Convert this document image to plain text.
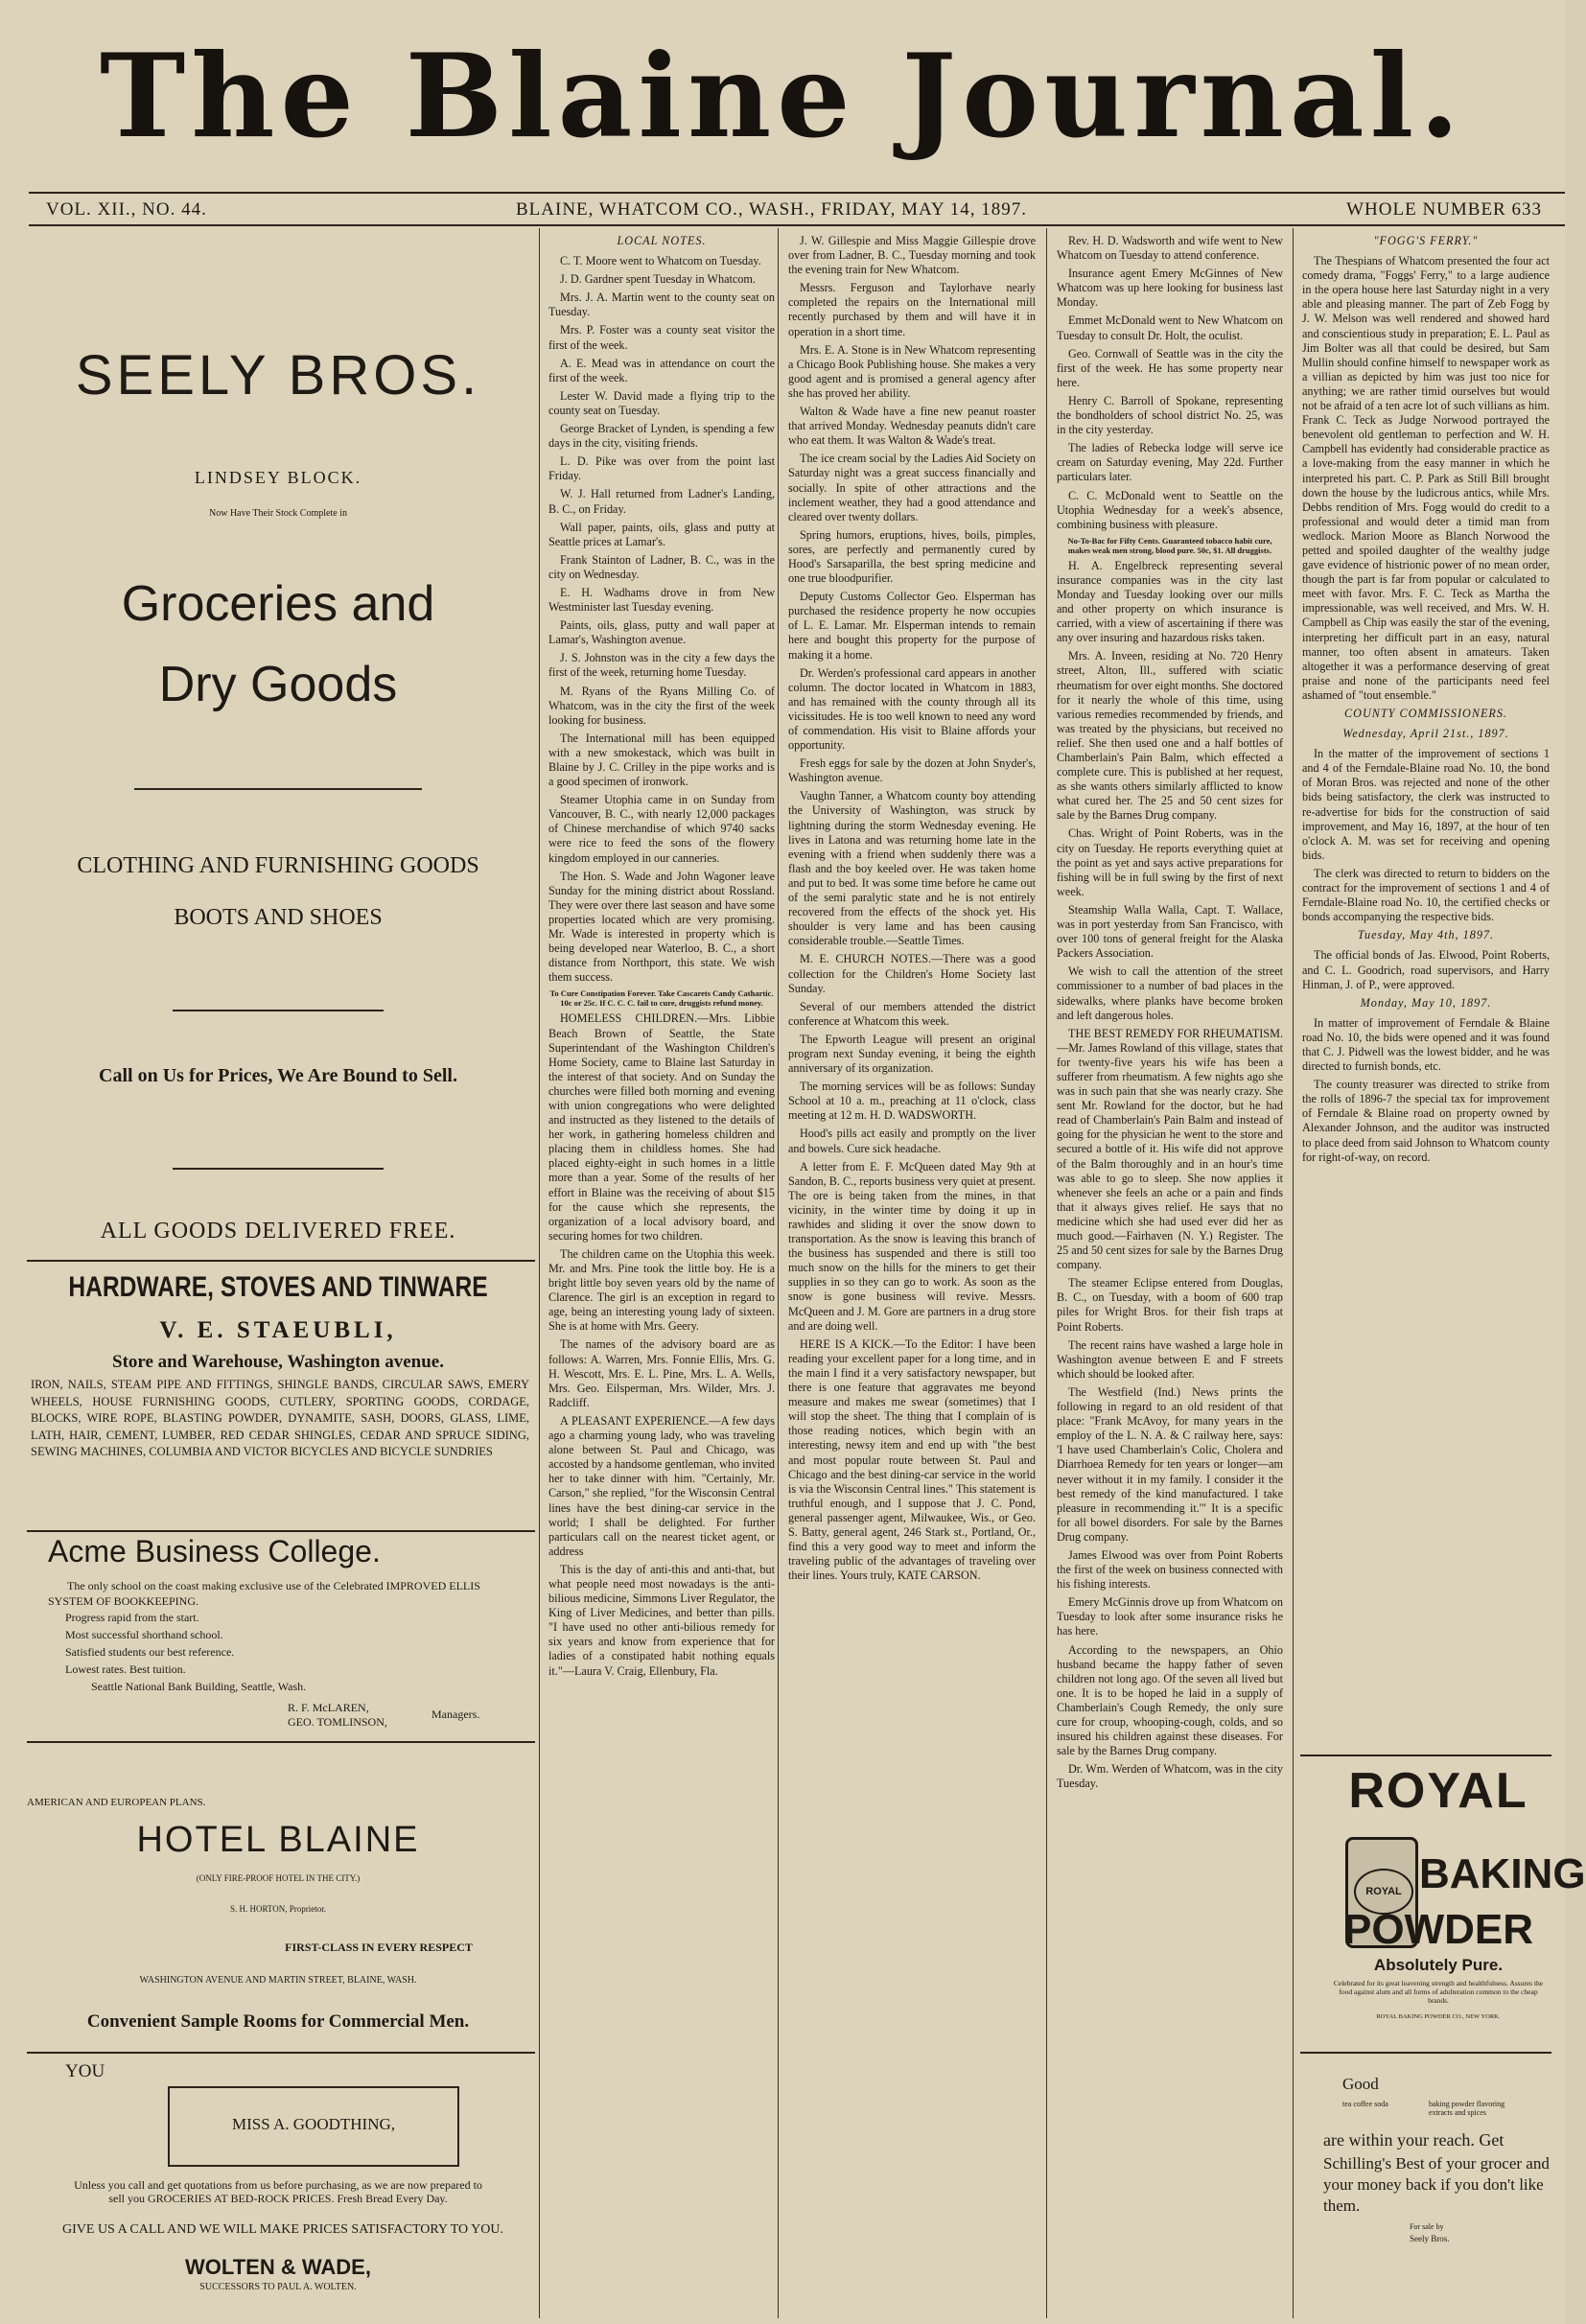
The Blaine Journal.
VOL. XII., NO. 44.	BLAINE, WHATCOM CO., WASH., FRIDAY, MAY 14, 1897.	WHOLE NUMBER 633
SEELY BROS.
LINDSEY BLOCK.
Now Have Their Stock Complete in
Groceries and
Dry Goods
CLOTHING AND FURNISHING GOODS
BOOTS AND SHOES
Call on Us for Prices, We Are Bound to Sell.
ALL GOODS DELIVERED FREE.
HARDWARE, STOVES AND TINWARE
V. E. STAEUBLI,
Store and Warehouse, Washington avenue.
IRON, NAILS, STEAM PIPE AND FITTINGS, SHINGLE BANDS, CIRCULAR SAWS, EMERY WHEELS, HOUSE FURNISHING GOODS, CUTLERY, SPORTING GOODS, CORDAGE, BLOCKS, WIRE ROPE, BLASTING POWDER, DYNAMITE, SASH, DOORS, GLASS, LIME, LATH, HAIR, CEMENT, LUMBER, RED CEDAR SHINGLES, CEDAR AND SPRUCE SIDING, SEWING MACHINES, COLUMBIA AND VICTOR BICYCLES AND BICYCLE SUNDRIES
Acme Business College.
The only school on the coast making exclusive use of the Celebrated IMPROVED ELLIS SYSTEM OF BOOKKEEPING.
Progress rapid from the start.
Most successful shorthand school.
Satisfied students our best reference.
Lowest rates. Best tuition.
Seattle National Bank Building, Seattle, Wash.
R. F. McLAREN,
GEO. TOMLINSON,
Managers.
AMERICAN AND EUROPEAN PLANS.
HOTEL BLAINE
(ONLY FIRE-PROOF HOTEL IN THE CITY.)
S. H. HORTON, Proprietor.
FIRST-CLASS IN EVERY RESPECT
WASHINGTON AVENUE AND MARTIN STREET, BLAINE, WASH.
Convenient Sample Rooms for Commercial Men.
YOU
MISS A. GOODTHING,
Unless you call and get quotations from us before purchasing, as we are now prepared to sell you GROCERIES AT BED-ROCK PRICES. Fresh Bread Every Day.
GIVE US A CALL AND WE WILL MAKE PRICES SATISFACTORY TO YOU.
WOLTEN & WADE,
SUCCESSORS TO PAUL A. WOLTEN.

LOCAL NOTES.

C. T. Moore went to Whatcom on Tuesday.

J. D. Gardner spent Tuesday in Whatcom.

Mrs. J. A. Martin went to the county seat on Tuesday.

Mrs. P. Foster was a county seat visitor the first of the week.

A. E. Mead was in attendance on court the first of the week.

Lester W. David made a flying trip to the county seat on Tuesday.

George Bracket of Lynden, is spending a few days in the city, visiting friends.

L. D. Pike was over from the point last Friday.

W. J. Hall returned from Ladner's Landing, B. C., on Friday.

Wall paper, paints, oils, glass and putty at Seattle prices at Lamar's.

Frank Stainton of Ladner, B. C., was in the city on Wednesday.

E. H. Wadhams drove in from New Westminister last Tuesday evening.

Paints, oils, glass, putty and wall paper at Lamar's, Washington avenue.

J. S. Johnston was in the city a few days the first of the week, returning home Tuesday.

M. Ryans of the Ryans Milling Co. of Whatcom, was in the city the first of the week looking for business.

The International mill has been equipped with a new smokestack, which was built in Blaine by J. C. Crilley in the pipe works and is a good specimen of ironwork.

Steamer Utophia came in on Sunday from Vancouver, B. C., with nearly 12,000 packages of Chinese merchandise of which 9740 sacks were rice to feed the sons of the flowery kingdom employed in our canneries.

The Hon. S. Wade and John Wagoner leave Sunday for the mining district about Rossland. They were over there last season and have some properties located which are very promising. Mr. Wade is interested in property which is being developed near Waterloo, B. C., a short distance from Northport, this state. We wish them success.

To Cure Constipation Forever. Take Cascarets Candy Cathartic. 10c or 25c. If C. C. C. fail to cure, druggists refund money.

HOMELESS CHILDREN.—Mrs. Libbie Beach Brown of Seattle, the State Superintendant of the Washington Children's Home Society, came to Blaine last Saturday in the interest of that society. And on Sunday the churches were filled both morning and evening with union congregations who were delighted and instructed as they listened to the details of her work, in gathering homeless children and placing them in childless homes. She had placed eighty-eight in such homes in a little more than a year. Some of the results of her effort in Blaine was the receiving of about $15 for the cause which she represents, the organization of a local advisory board, and securing homes for two children.

The children came on the Utophia this week. Mr. and Mrs. Pine took the little boy. He is a bright little boy seven years old by the name of Clarence. The girl is an exception in regard to age, being an interesting young lady of sixteen. She is at home with Mrs. Geery.

The names of the advisory board are as follows: A. Warren, Mrs. Fonnie Ellis, Mrs. G. H. Wescott, Mrs. E. L. Pine, Mrs. L. A. Wells, Mrs. Geo. Eilsperman, Mrs. Wilder, Mrs. J. Radcliff.

A PLEASANT EXPERIENCE.—A few days ago a charming young lady, who was traveling alone between St. Paul and Chicago, was accosted by a handsome gentleman, who invited her to take dinner with him. "Certainly, Mr. Carson," she replied, "for the Wisconsin Central lines have the best dining-car service in the world; I shall be delighted. For further particulars call on the nearest ticket agent, or address

This is the day of anti-this and anti-that, but what people need most nowadays is the anti-bilious medicine, Simmons Liver Regulator, the King of Liver Medicines, and better than pills. "I have used no other anti-bilious remedy for six years and know from experience that for ladies of a constipated habit nothing equals it."—Laura V. Craig, Ellenbury, Fla.

J. W. Gillespie and Miss Maggie Gillespie drove over from Ladner, B. C., Tuesday morning and took the evening train for New Whatcom.

Messrs. Ferguson and Taylorhave nearly completed the repairs on the International mill recently purchased by them and will have it in operation in a short time.

Mrs. E. A. Stone is in New Whatcom representing a Chicago Book Publishing house. She makes a very good agent and is promised a general agency after she has proved her ability.

Walton & Wade have a fine new peanut roaster that arrived Monday. Wednesday peanuts didn't care who eat them. It was Walton & Wade's treat.

The ice cream social by the Ladies Aid Society on Saturday night was a great success financially and socially. In spite of other attractions and the inclement weather, they had a good attendance and cleared over twenty dollars.

Spring humors, eruptions, hives, boils, pimples, sores, are perfectly and permanently cured by Hood's Sarsaparilla, the best spring medicine and one true bloodpurifier.

Deputy Customs Collector Geo. Elsperman has purchased the residence property he now occupies of L. E. Lamar. Mr. Elsperman intends to remain here and bought this property for the purpose of making it a home.

Dr. Werden's professional card appears in another column. The doctor located in Whatcom in 1883, and has remained with the county through all its vicissitudes. He is too well known to need any word of commendation. His visit to Blaine affords your opportunity.

Fresh eggs for sale by the dozen at John Snyder's, Washington avenue.

Vaughn Tanner, a Whatcom county boy attending the University of Washington, was struck by lightning during the storm Wednesday evening. He lives in Latona and was returning home late in the evening with a friend when suddenly there was a flash and the boy keeled over. He was taken home and put to bed. It was some time before he came out of the semi paralytic state and he is not entirely recovered from the effects of the shock yet. His shoulder is very lame and has been causing considerable trouble.—Seattle Times.

M. E. CHURCH NOTES.—There was a good collection for the Children's Home Society last Sunday.

Several of our members attended the district conference at Whatcom this week.

The Epworth League will present an original program next Sunday evening, it being the eighth anniversary of its organization.

The morning services will be as follows: Sunday School at 10 a. m., preaching at 11 o'clock, class meeting at 12 m. H. D. WADSWORTH.

Hood's pills act easily and promptly on the liver and bowels. Cure sick headache.

A letter from E. F. McQueen dated May 9th at Sandon, B. C., reports business very quiet at present. The ore is being taken from the mines, in that vicinity, in the winter time by doing it up in rawhides and sliding it over the snow down to transportation. As the snow is leaving this branch of the business has suspended and there is still too much snow on the hills for the miners to get their supplies in so they can go to work. As soon as the snow is gone business will revive. Messrs. McQueen and J. M. Gore are partners in a drug store and are doing well.

HERE IS A KICK.—To the Editor: I have been reading your excellent paper for a long time, and in the main I find it a very satisfactory newspaper, but there is one feature that aggravates me beyond measure and makes me swear (sometimes) that I will stop the sheet. The thing that I complain of is those reading notices, which begin with an interesting, newsy item and end up with "the best and most popular route between St. Paul and Chicago and the best dining-car service in the world is via the Wisconsin Central lines." This statement is truthful enough, and I suppose that J. C. Pond, general passenger agent, Milwaukee, Wis., or Geo. S. Batty, general agent, 246 Stark st., Portland, Or., find this a very good way to meet and inform the traveling public of the advantages of traveling over their lines. Yours truly, KATE CARSON.

Rev. H. D. Wadsworth and wife went to New Whatcom on Tuesday to attend conference.

Insurance agent Emery McGinnes of New Whatcom was up here looking for business last Monday.

Emmet McDonald went to New Whatcom on Tuesday to consult Dr. Holt, the oculist.

Geo. Cornwall of Seattle was in the city the first of the week. He has some property near here.

Henry C. Barroll of Spokane, representing the bondholders of school district No. 25, was in the city yesterday.

The ladies of Rebecka lodge will serve ice cream on Saturday evening, May 22d. Further particulars later.

C. C. McDonald went to Seattle on the Utophia Wednesday for a week's absence, combining business with pleasure.

No-To-Bac for Fifty Cents. Guaranteed tobacco habit cure, makes weak men strong, blood pure. 50c, $1. All druggists.

H. A. Engelbreck representing several insurance companies was in the city last Monday and Tuesday looking over our mills and other property on which insurance is carried, with a view of ascertaining if there was any over insuring and hazardous risks taken.

Mrs. A. Inveen, residing at No. 720 Henry street, Alton, Ill., suffered with sciatic rheumatism for over eight months. She doctored for it nearly the whole of this time, using various remedies recommended by friends, and was treated by the physicians, but received no relief. She then used one and a half bottles of Chamberlain's Pain Balm, which effected a complete cure. This is published at her request, as she wants others similarly afflicted to know what cured her. The 25 and 50 cent sizes for sale by the Barnes Drug company.

Chas. Wright of Point Roberts, was in the city on Tuesday. He reports everything quiet at the point as yet and says active preparations for fishing will be in full swing by the first of next week.

Steamship Walla Walla, Capt. T. Wallace, was in port yesterday from San Francisco, with over 100 tons of general freight for the Alaska Packers Association.

We wish to call the attention of the street commissioner to a number of bad places in the sidewalks, where planks have become broken and left dangerous holes.

THE BEST REMEDY FOR RHEUMATISM.—Mr. James Rowland of this village, states that for twenty-five years his wife has been a sufferer from rheumatism. A few nights ago she was in such pain that she was nearly crazy. She sent Mr. Rowland for the doctor, but he had read of Chamberlain's Pain Balm and instead of going for the physician he went to the store and secured a bottle of it. His wife did not approve of the Balm thoroughly and in an hour's time was able to go to sleep. She now applies it whenever she feels an ache or a pain and finds that it always gives relief. He says that no medicine which she had used ever did her as much good.—Fairhaven (N. Y.) Register. The 25 and 50 cent sizes for sale by the Barnes Drug company.

The steamer Eclipse entered from Douglas, B. C., on Tuesday, with a boom of 600 trap piles for Wright Bros. for their fish traps at Point Roberts.

The recent rains have washed a large hole in Washington avenue between E and F streets which should be looked after.

The Westfield (Ind.) News prints the following in regard to an old resident of that place: "Frank McAvoy, for many years in the employ of the L. N. A. & C railway here, says: 'I have used Chamberlain's Colic, Cholera and Diarrhoea Remedy for ten years or longer—am never without it in my family. I consider it the best remedy of the kind manufactured. I take pleasure in recommending it.'" It is a specific for all bowel disorders. For sale by the Barnes Drug company.

James Elwood was over from Point Roberts the first of the week on business connected with his fishing interests.

Emery McGinnis drove up from Whatcom on Tuesday to look after some insurance risks he has here.

According to the newspapers, an Ohio husband became the happy father of seven children not long ago. Of the seven all lived but one. It is to be hoped he laid in a supply of Chamberlain's Cough Remedy, the only sure cure for croup, whooping-cough, colds, and so insured his children against these diseases. For sale by the Barnes Drug company.

Dr. Wm. Werden of Whatcom, was in the city Tuesday.

"FOGG'S FERRY."

The Thespians of Whatcom presented the four act comedy drama, "Foggs' Ferry," to a large audience in the opera house here last Saturday night in a very able and pleasing manner. The part of Zeb Fogg by J. W. Melson was well rendered and showed hard and conscientious study in preparation; E. L. Paul as Jim Bolter was all that could be desired, but Sam Mullin should confine himself to newspaper work as a villian as depicted by him was just too nice for anything; we are rather timid ourselves but would not be afraid of a ten acre lot of such villians as him. Frank C. Teck as Judge Norwood portrayed the benevolent old gentleman to perfection and W. H. Campbell has evidently had considerable practice as a love-making from the easy manner in which he interpreted his part. C. P. Park as Still Bill brought down the house by the ludicrous antics, while Mrs. Debbs rendition of Mrs. Fogg would do credit to a professional and would deter a timid man from wedlock. Marion Moore as Blanch Norwood the petted and spoiled daughter of the wealthy judge gave evidence of histrionic power of no mean order, though the part is far from popular or calculated to meet with favor. Mrs. F. C. Teck as Martha the impressionable, was well received, and Mrs. W. H. Campbell as Chip was easily the star of the evening, interpreting her difficult part in an easy, natural manner, too often absent in amateurs. Taken altogether it was a performance deserving of great praise and none of the participants need feel ashamed of "tout ensemble."

COUNTY COMMISSIONERS.

Wednesday, April 21st., 1897.

In the matter of the improvement of sections 1 and 4 of the Ferndale-Blaine road No. 10, the bond of Moran Bros. was rejected and none of the other bids being satisfactory, the clerk was instructed to re-advertise for bids for the construction of said improvement, and May 16, 1897, at the hour of ten o'clock A. M. was set for receiving and opening bids.

The clerk was directed to return to bidders on the contract for the improvement of sections 1 and 4 of Ferndale-Blaine road No. 10, the certified checks or bonds accompanying the respective bids.

Tuesday, May 4th, 1897.

The official bonds of Jas. Elwood, Point Roberts, and C. L. Goodrich, road supervisors, and Harry Hinman, J. of P., were approved.

Monday, May 10, 1897.

In matter of improvement of Ferndale & Blaine road No. 10, the bids were opened and it was found that C. J. Pidwell was the lowest bidder, and he was directed to furnish bonds, etc.

The county treasurer was directed to strike from the rolls of 1896-7 the special tax for improvement of Ferndale & Blaine road on property owned by Alexander Johnson, and the auditor was instructed to place deed from said Johnson to Whatcom county for right-of-way, on record.

ROYAL
ROYAL BAKING
POWDER
Absolutely Pure.
Celebrated for its great leavening strength and healthfulness. Assures the food against alum and all forms of adulteration common to the cheap brands.
ROYAL BAKING POWDER CO., NEW YORK.
Good
tea coffee soda	baking powder flavoring extracts and spices
are within your reach. Get
Schilling's Best of your grocer and your money back if you don't like them.
For sale by
Seely Bros.
